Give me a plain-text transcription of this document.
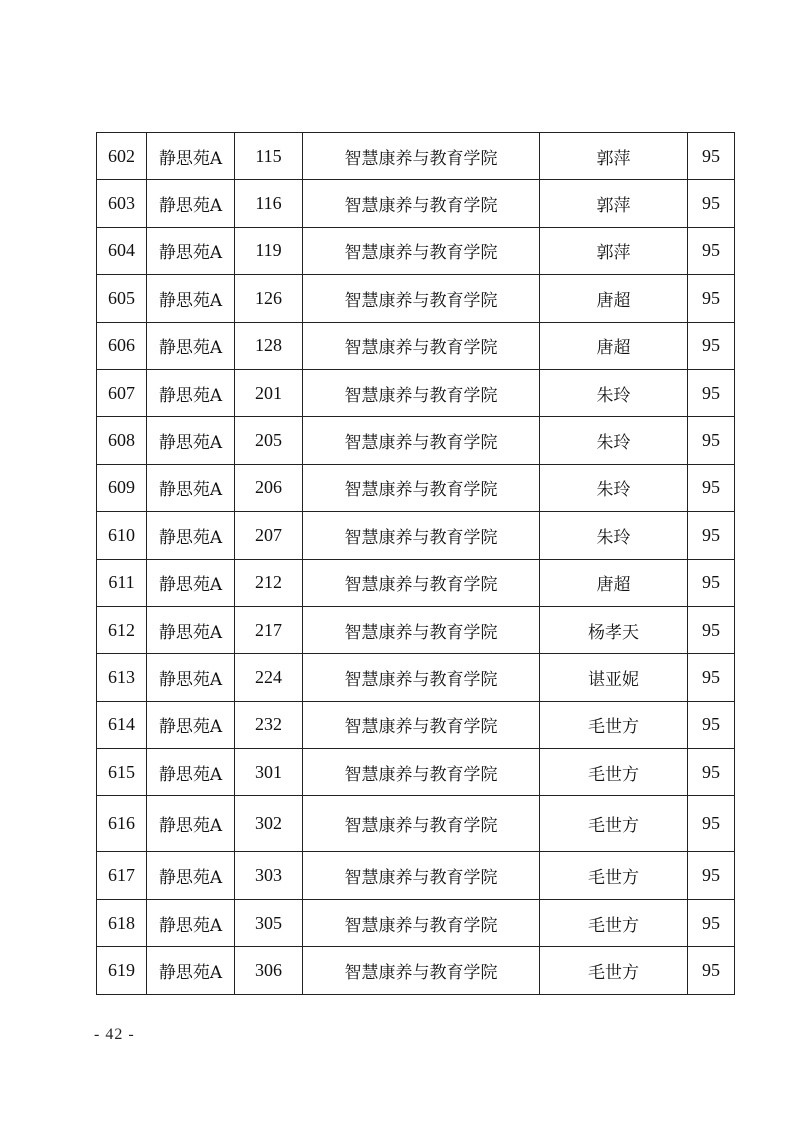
602	静思苑A	115	智慧康养与教育学院	郭萍	95
603	静思苑A	116	智慧康养与教育学院	郭萍	95
604	静思苑A	119	智慧康养与教育学院	郭萍	95
605	静思苑A	126	智慧康养与教育学院	唐超	95
606	静思苑A	128	智慧康养与教育学院	唐超	95
607	静思苑A	201	智慧康养与教育学院	朱玲	95
608	静思苑A	205	智慧康养与教育学院	朱玲	95
609	静思苑A	206	智慧康养与教育学院	朱玲	95
610	静思苑A	207	智慧康养与教育学院	朱玲	95
611	静思苑A	212	智慧康养与教育学院	唐超	95
612	静思苑A	217	智慧康养与教育学院	杨孝天	95
613	静思苑A	224	智慧康养与教育学院	谌亚妮	95
614	静思苑A	232	智慧康养与教育学院	毛世方	95
615	静思苑A	301	智慧康养与教育学院	毛世方	95
616	静思苑A	302	智慧康养与教育学院	毛世方	95
617	静思苑A	303	智慧康养与教育学院	毛世方	95
618	静思苑A	305	智慧康养与教育学院	毛世方	95
619	静思苑A	306	智慧康养与教育学院	毛世方	95
- 42 -
